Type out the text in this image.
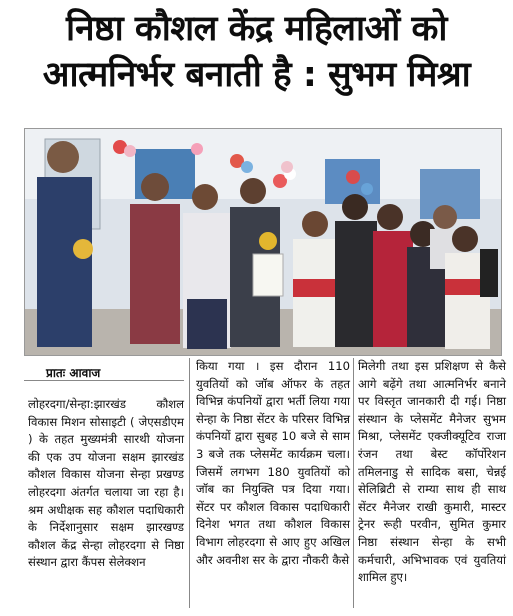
निष्ठा कौशल केंद्र महिलाओं को
आत्मनिर्भर बनाती है : सुभम मिश्रा
प्रातः आवाज
लोहरदगा/सेन्हा:झारखंड कौशल विकास मिशन सोसाइटी ( जेएसडीएम ) के तहत मुख्यमंत्री सारथी योजना की एक उप योजना सक्षम झारखंड कौशल विकास योजना सेन्हा प्रखण्ड लोहरदगा अंतर्गत चलाया जा रहा है। श्रम अधीक्षक सह कौशल पदाधिकारी के निर्देशानुसार सक्षम झारखण्ड कौशल केंद्र सेन्हा लोहरदगा से निष्ठा संस्थान द्वारा कैंपस सेलेक्शन
किया गया । इस दौरान 110 युवतियों को जॉब ऑफर के तहत विभिन्न कंपनियों द्वारा भर्ती लिया गया सेन्हा के निष्ठा सेंटर के परिसर विभिन्न कंपनियों द्वारा सुबह 10 बजे से साम 3 बजे तक प्लेसमेंट कार्यक्रम चला। जिसमें लगभग 180 युवतियों को जॉब का नियुक्ति पत्र दिया गया। सेंटर पर कौशल विकास पदाधिकारी दिनेश भगत तथा कौशल विकास विभाग लोहरदगा से आए हुए अखिल और अवनीश सर के द्वारा नौकरी कैसे
मिलेगी तथा इस प्रशिक्षण से कैसे आगे बढ़ेंगे तथा आत्मनिर्भर बनाने पर विस्तृत जानकारी दी गई। निष्ठा संस्थान के प्लेसमेंट मैनेजर सुभम मिश्रा, प्लेसमेंट एक्जीक्यूटिव राजा रंजन तथा बेस्ट कॉर्पोरेशन तमिलनाडु से सादिक बसा, चेन्नई सेलिब्रिटी से राम्या साथ ही साथ सेंटर मैनेजर राखी कुमारी, मास्टर ट्रेनर रूही परवीन, सुमित कुमार निष्ठा संस्थान सेन्हा के सभी कर्मचारी, अभिभावक एवं युवतियां शामिल हुए।
